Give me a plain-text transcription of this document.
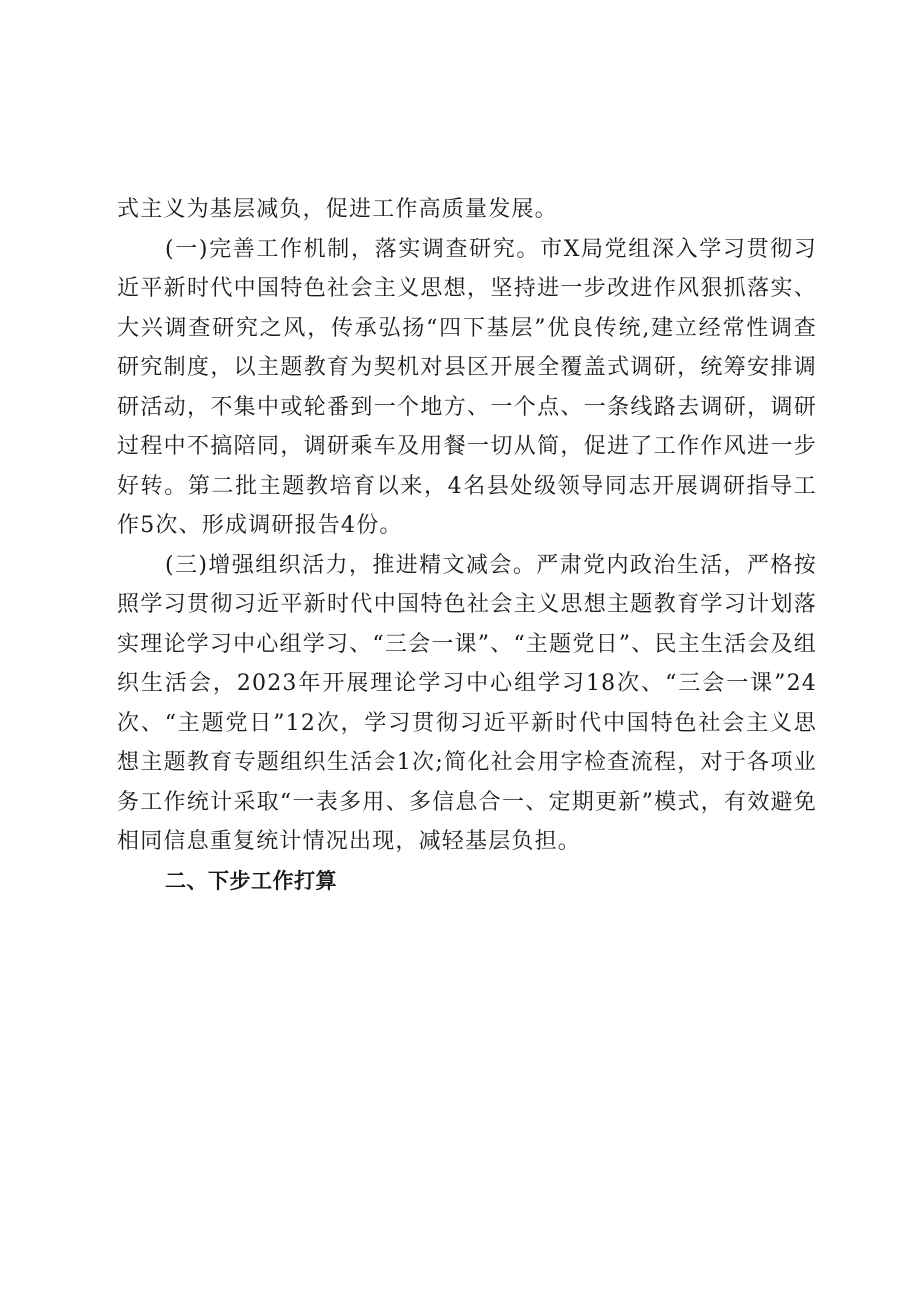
式主义为基层减负，促进工作高质量发展。

(一)完善工作机制，落实调查研究。市X局党组深入学习贯彻习近平新时代中国特色社会主义思想，坚持进一步改进作风狠抓落实、大兴调查研究之风，传承弘扬“四下基层”优良传统,建立经常性调查研究制度，以主题教育为契机对县区开展全覆盖式调研，统筹安排调研活动，不集中或轮番到一个地方、一个点、一条线路去调研，调研过程中不搞陪同，调研乘车及用餐一切从简，促进了工作作风进一步好转。第二批主题教培育以来，4名县处级领导同志开展调研指导工作5次、形成调研报告4份。

(三)增强组织活力，推进精文减会。严肃党内政治生活，严格按照学习贯彻习近平新时代中国特色社会主义思想主题教育学习计划落实理论学习中心组学习、“三会一课”、“主题党日”、民主生活会及组织生活会，2023年开展理论学习中心组学习18次、“三会一课”24次、“主题党日”12次，学习贯彻习近平新时代中国特色社会主义思想主题教育专题组织生活会1次;简化社会用字检查流程，对于各项业务工作统计采取“一表多用、多信息合一、定期更新”模式，有效避免相同信息重复统计情况出现，减轻基层负担。

二、下步工作打算
